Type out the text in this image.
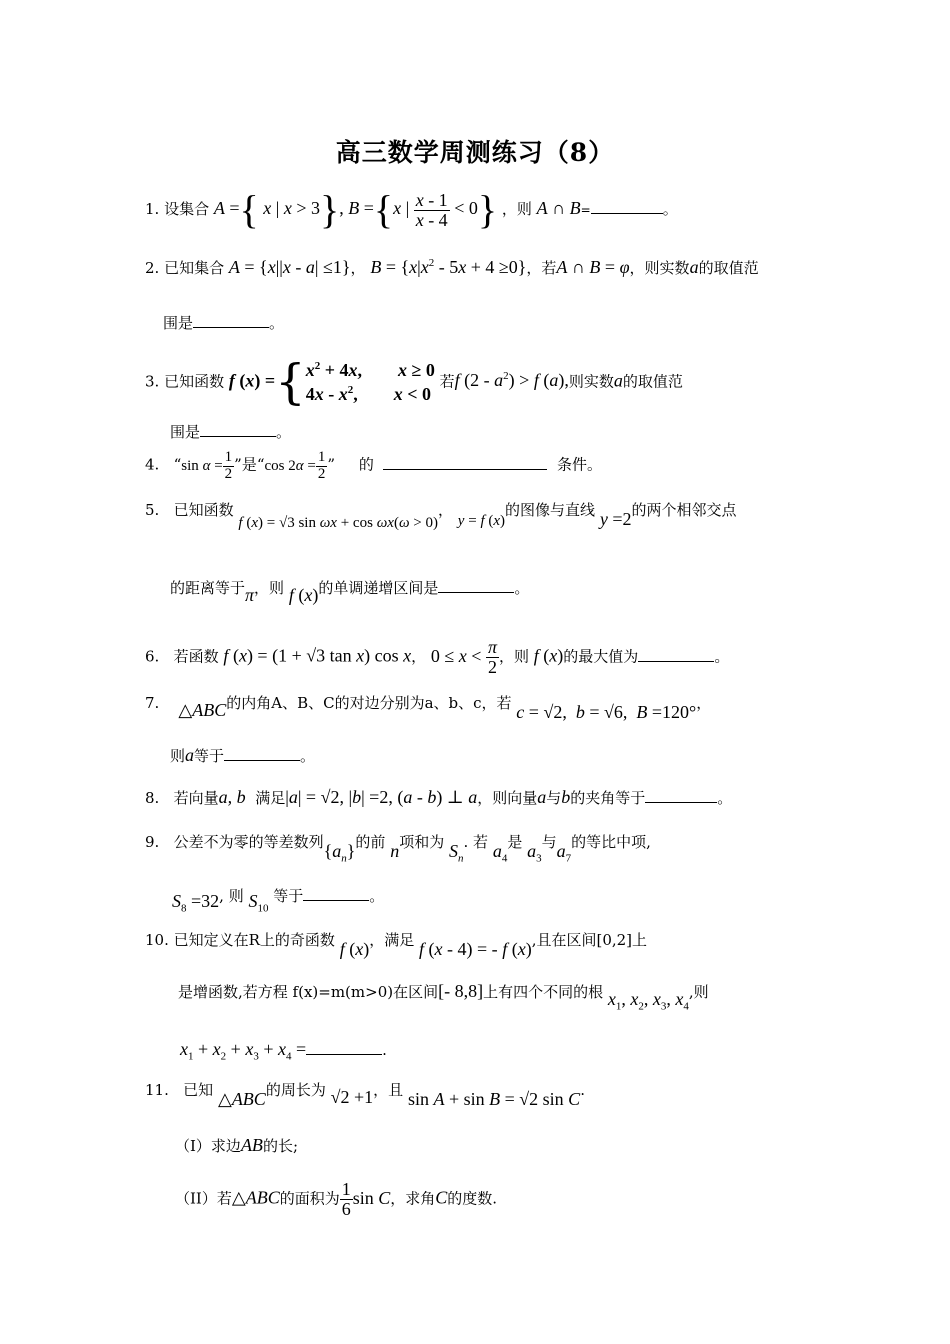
高三数学周测练习（8）
1. 设集合 A ={ x | x > 3}, B ={x | $\frac{x - 1}{x - 4} < 0$} ，则 A ∩ B=	。
2. 已知集合 A = {x||x - a| ≤1}， $B = \{x|x^2 - 5x + 4 \ge 0\}$，若A ∩ B = φ，则实数a的取值范
围是	。
3. 已知函数 f $(x) =\{x^2 + 4x$,        x ≥ 0
$4x - x^2$,        x < 0 若f $(2 - a^2) > f$ (a),则实数a的取值范
围是	。
4. “sin $\alpha = \frac{1}{2}$ ”是“cos $2\alpha = \frac{1}{2}$ ” 的	条件。
5. 已知函数 f (x) = √3 sin ωx + cos ωx(ω > 0)， y = f (x)的图像与直线 y =2的两个相邻交点
的距离等于π，则 f (x)的单调递增区间是	。
6. 若函数 f (x) = (1 + √3 tan x) cos x， $0 \le x < \frac{\pi}{2}$ ，则 f (x)的最大值为	。
7. △ABC的内角A、B、C的对边分别为a、b、c，若 c = √2,  b = √6,  B =120°，
则a等于	。
8. 若向量a, b 满足|a| = √2, |b| =2, (a - b) ⊥ a，则向量a与b的夹角等于	。
9. 公差不为零的等差数列$\{a_n\}$的前 n项和为 $S_n$. 若 $a_4$是 $a_3$与$a_7$的等比中项,
$S_8 =32$, 则 $S_{10}$ 等于	。
10. 已知定义在R上的奇函数 f (x)，满足 f (x - 4) = - f (x),且在区间[0,2]上
是增函数,若方程 f(x)=m(m>0)在区间[- 8,8]上有四个不同的根 $x_1$, $x_2$, $x_3$, $x_4$,则
$x_1 + x_2 + x_3 + x_4$ =	.
11. 已知 △ABC的周长为 √2 +1，且 sin A + sin B = √2 sin C.
（I）求边AB的长;
（II）若△ABC的面积为 $\frac{1}{6}$ sin C，求角C的度数.
